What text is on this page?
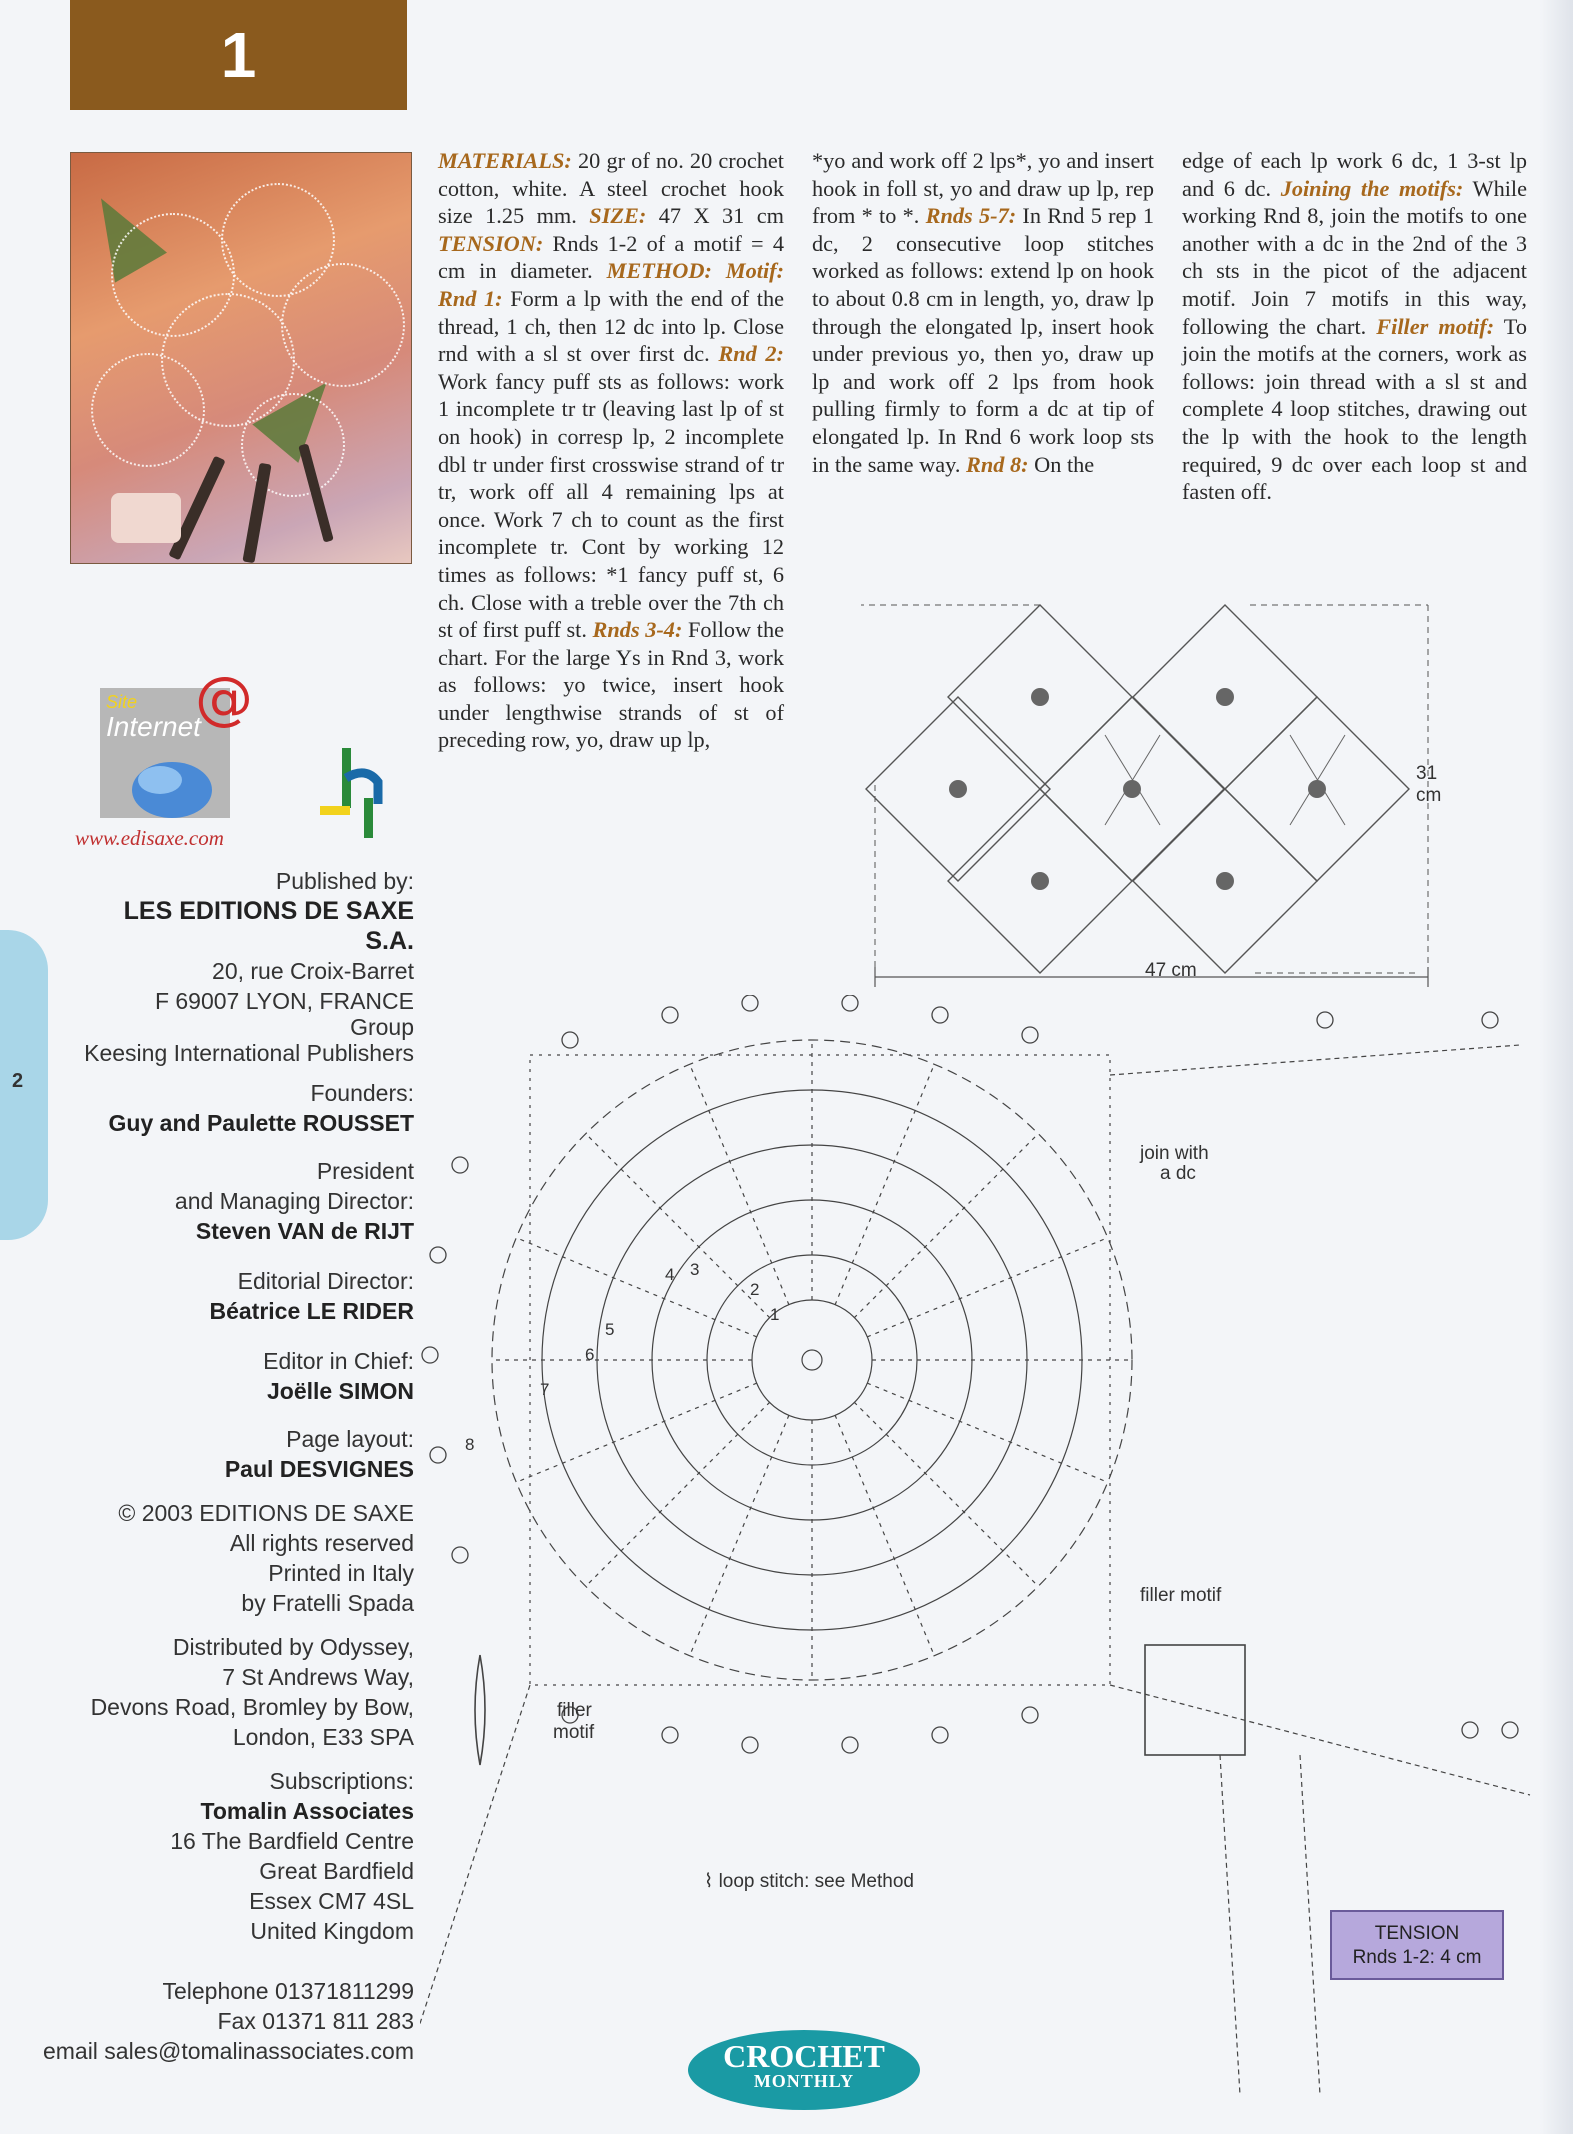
1

MATERIALS: 20 gr of no. 20 crochet cotton, white. A steel crochet hook size 1.25 mm. SIZE: 47 X 31 cm TENSION: Rnds 1-2 of a motif = 4 cm in diameter. METHOD: Motif: Rnd 1: Form a lp with the end of the thread, 1 ch, then 12 dc into lp. Close rnd with a sl st over first dc. Rnd 2: Work fancy puff sts as follows: work 1 incomplete tr tr (leaving last lp of st on hook) in corresp lp, 2 incomplete dbl tr under first crosswise strand of tr tr, work off all 4 remaining lps at once. Work 7 ch to count as the first incomplete tr. Cont by working 12 times as follows: *1 fancy puff st, 6 ch. Close with a treble over the 7th ch st of first puff st. Rnds 3-4: Follow the chart. For the large Ys in Rnd 3, work as follows: yo twice, insert hook under lengthwise strands of st of preceding row, yo, draw up lp,

*yo and work off 2 lps*, yo and insert hook in foll st, yo and draw up lp, rep from * to *. Rnds 5-7: In Rnd 5 rep 1 dc, 2 consecutive loop stitches worked as follows: extend lp on hook to about 0.8 cm in length, yo, draw lp through the elongated lp, insert hook under previous yo, then yo, draw up lp and work off 2 lps from hook pulling firmly to form a dc at tip of elongated lp. In Rnd 6 work loop sts in the same way. Rnd 8: On the

edge of each lp work 6 dc, 1 3-st lp and 6 dc. Joining the motifs: While working Rnd 8, join the motifs to one another with a dc in the 2nd of the 3 ch sts in the picot of the adjacent motif. Join 7 motifs in this way, following the chart. Filler motif: To join the motifs at the corners, work as follows: join thread with a sl st and complete 4 loop stitches, drawing out the lp with the hook to the length required, 9 dc over each loop st and fasten off.

@
Site
Internet
www.edisaxe.com
2
Published by:
LES EDITIONS DE SAXE
S.A.
20, rue Croix-Barret
F 69007 LYON, FRANCE
Group
Keesing International Publishers
Founders:
Guy and Paulette ROUSSET
President
and Managing Director:
Steven VAN de RIJT
Editorial Director:
Béatrice LE RIDER
Editor in Chief:
Joëlle SIMON
Page layout:
Paul DESVIGNES
© 2003 EDITIONS DE SAXE
All rights reserved
Printed in Italy
by Fratelli Spada
Distributed by Odyssey,
7 St Andrews Way,
Devons Road, Bromley by Bow,
London, E33 SPA
Subscriptions:
Tomalin Associates
16 The Bardfield Centre
Great Bardfield
Essex CM7 4SL
United Kingdom
Telephone 01371811299
Fax 01371 811 283
email sales@tomalinassociates.com
31 cm
47 cm
1
2
3
4
5
6
7
8
join with
a dc
filler motif
filler
motif
⌇ loop stitch: see Method
TENSION
Rnds 1-2: 4 cm
CROCHET
MONTHLY
